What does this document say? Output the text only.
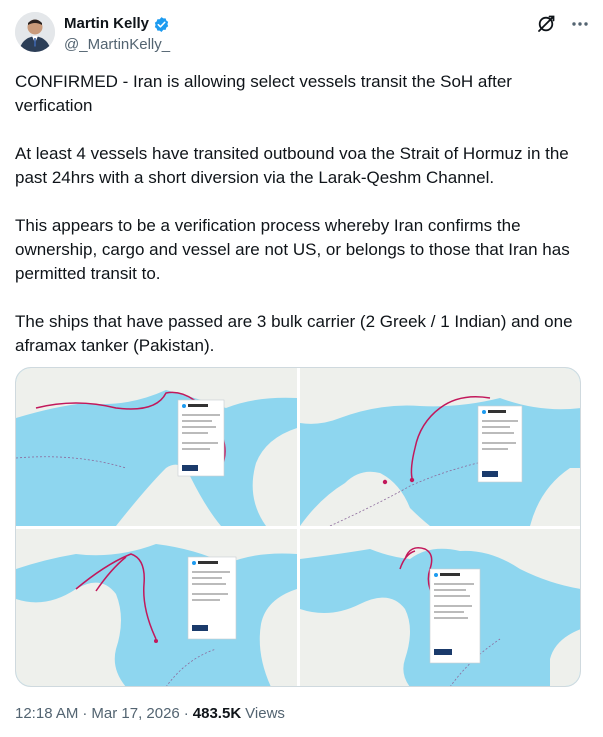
Martin Kelly
@_MartinKelly_
CONFIRMED - Iran is allowing select vessels transit the SoH after verfication
At least 4 vessels have transited outbound voa the Strait of Hormuz in the past 24hrs with a short diversion via the Larak-Qeshm Channel.
This appears to be a verification process whereby Iran confirms the ownership, cargo and vessel are not US, or belongs to those that Iran has permitted transit to.
The ships that have passed are 3 bulk carrier (2 Greek / 1 Indian) and one aframax tanker (Pakistan).
12:18 AM · Mar 17, 2026 · 483.5K Views
